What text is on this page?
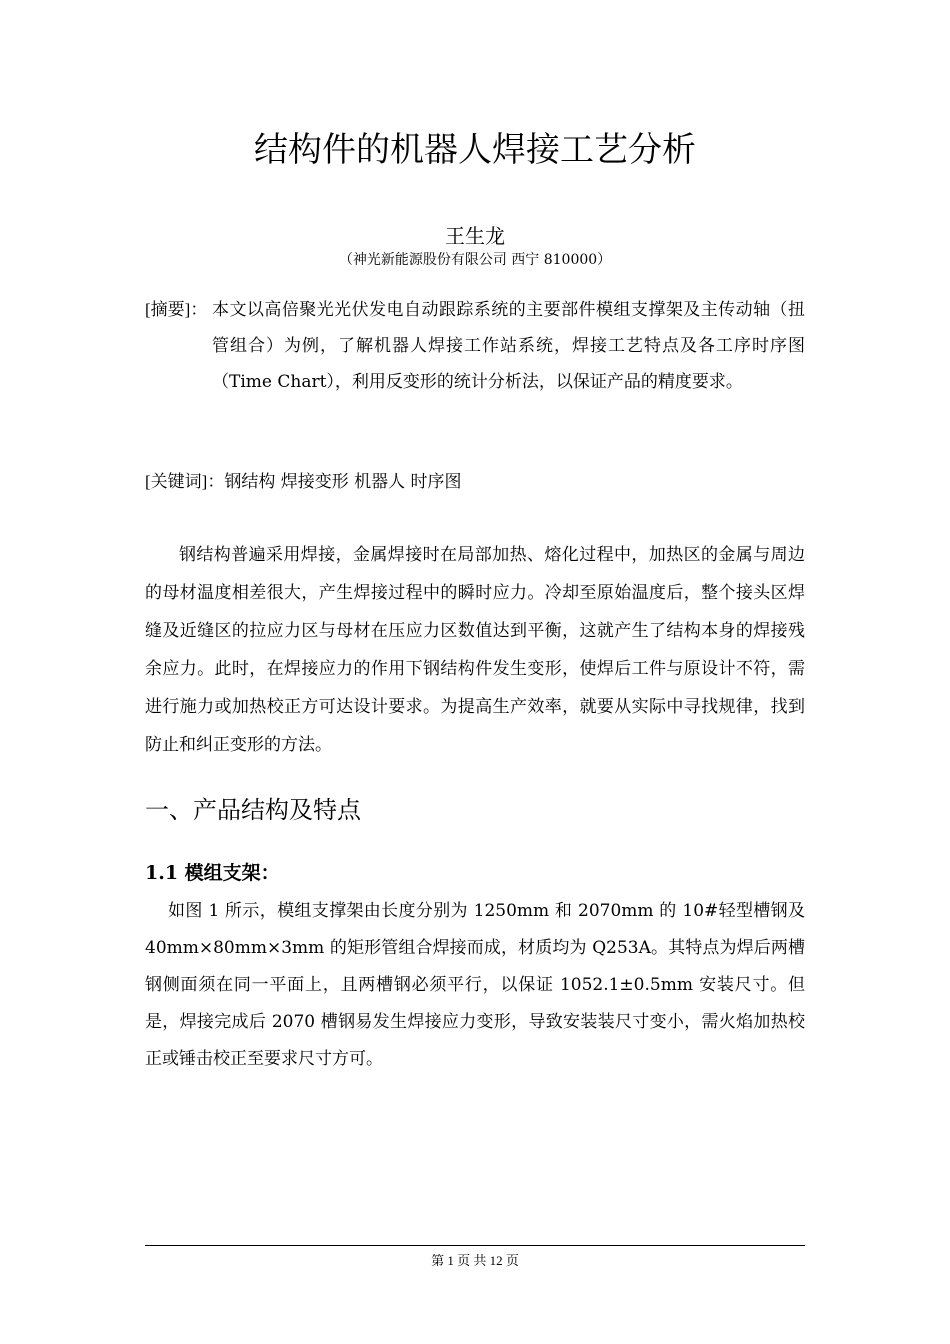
结构件的机器人焊接工艺分析
王生龙
（神光新能源股份有限公司 西宁 810000）
[摘要]： 本文以高倍聚光光伏发电自动跟踪系统的主要部件模组支撑架及主传动轴（扭管组合）为例，了解机器人焊接工作站系统，焊接工艺特点及各工序时序图（Time Chart），利用反变形的统计分析法，以保证产品的精度要求。
[关键词]：钢结构 焊接变形 机器人 时序图

钢结构普遍采用焊接，金属焊接时在局部加热、熔化过程中，加热区的金属与周边的母材温度相差很大，产生焊接过程中的瞬时应力。冷却至原始温度后，整个接头区焊缝及近缝区的拉应力区与母材在压应力区数值达到平衡，这就产生了结构本身的焊接残余应力。此时，在焊接应力的作用下钢结构件发生变形，使焊后工件与原设计不符，需进行施力或加热校正方可达设计要求。为提高生产效率，就要从实际中寻找规律，找到防止和纠正变形的方法。

一、产品结构及特点
1.1 模组支架：

如图 1 所示，模组支撑架由长度分别为 1250mm 和 2070mm 的 10#轻型槽钢及 40mm×80mm×3mm 的矩形管组合焊接而成，材质均为 Q253A。其特点为焊后两槽钢侧面须在同一平面上，且两槽钢必须平行，以保证 1052.1±0.5mm 安装尺寸。但是，焊接完成后 2070 槽钢易发生焊接应力变形，导致安装装尺寸变小，需火焰加热校正或锤击校正至要求尺寸方可。

第 1 页 共 12 页
